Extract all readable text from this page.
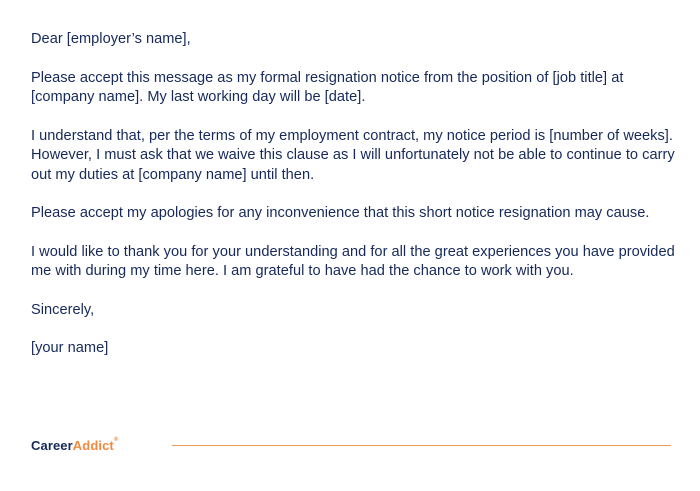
Dear [employer’s name],

Please accept this message as my formal resignation notice from the position of [job title] at [company name]. My last working day will be [date].

I understand that, per the terms of my employment contract, my notice period is [number of weeks]. However, I must ask that we waive this clause as I will unfortunately not be able to continue to carry out my duties at [company name] until then.

Please accept my apologies for any inconvenience that this short notice resignation may cause.

I would like to thank you for your understanding and for all the great experiences you have provided me with during my time here. I am grateful to have had the chance to work with you.

Sincerely,

[your name]

CareerAddict®
